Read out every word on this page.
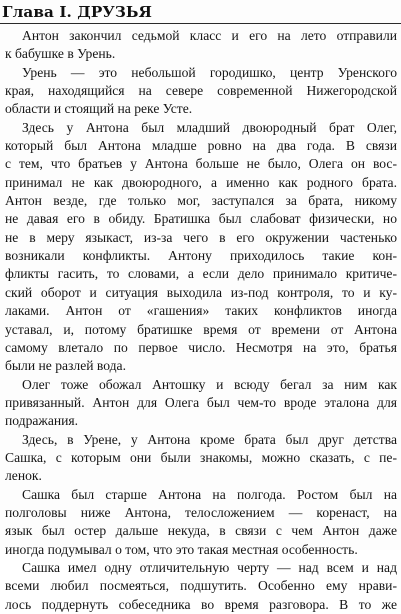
Глава I. ДРУЗЬЯ
Антон закончил седьмой класс и его на лето отправили
к бабушке в Урень.
Урень — это небольшой городишко, центр Уренского
края, находящийся на севере современной Нижегородской
области и стоящий на реке Усте.
Здесь у Антона был младший двоюродный брат Олег,
который был Антона младше ровно на два года. В связи
с тем, что братьев у Антона больше не было, Олега он вос-
принимал не как двоюродного, а именно как родного брата.
Антон везде, где только мог, заступался за брата, никому
не давая его в обиду. Братишка был слабоват физически, но
не в меру языкаст, из-за чего в его окружении частенько
возникали конфликты. Антону приходилось такие кон-
фликты гасить, то словами, а если дело принимало критиче-
ский оборот и ситуация выходила из-под контроля, то и ку-
лаками. Антон от «гашения» таких конфликтов иногда
уставал, и, потому братишке время от времени от Антона
самому влетало по первое число. Несмотря на это, братья
были не разлей вода.
Олег тоже обожал Антошку и всюду бегал за ним как
привязанный. Антон для Олега был чем-то вроде эталона для
подражания.
Здесь, в Урене, у Антона кроме брата был друг детства
Сашка, с которым они были знакомы, можно сказать, с пе-
ленок.
Сашка был старше Антона на полгода. Ростом был на
полголовы ниже Антона, телосложением — коренаст, на
язык был остер дальше некуда, в связи с чем Антон даже
иногда подумывал о том, что это такая местная особенность.
Сашка имел одну отличительную черту — над всем и над
всеми любил посмеяться, подшутить. Особенно ему нрави-
лось поддернуть собеседника во время разговора. В то же
